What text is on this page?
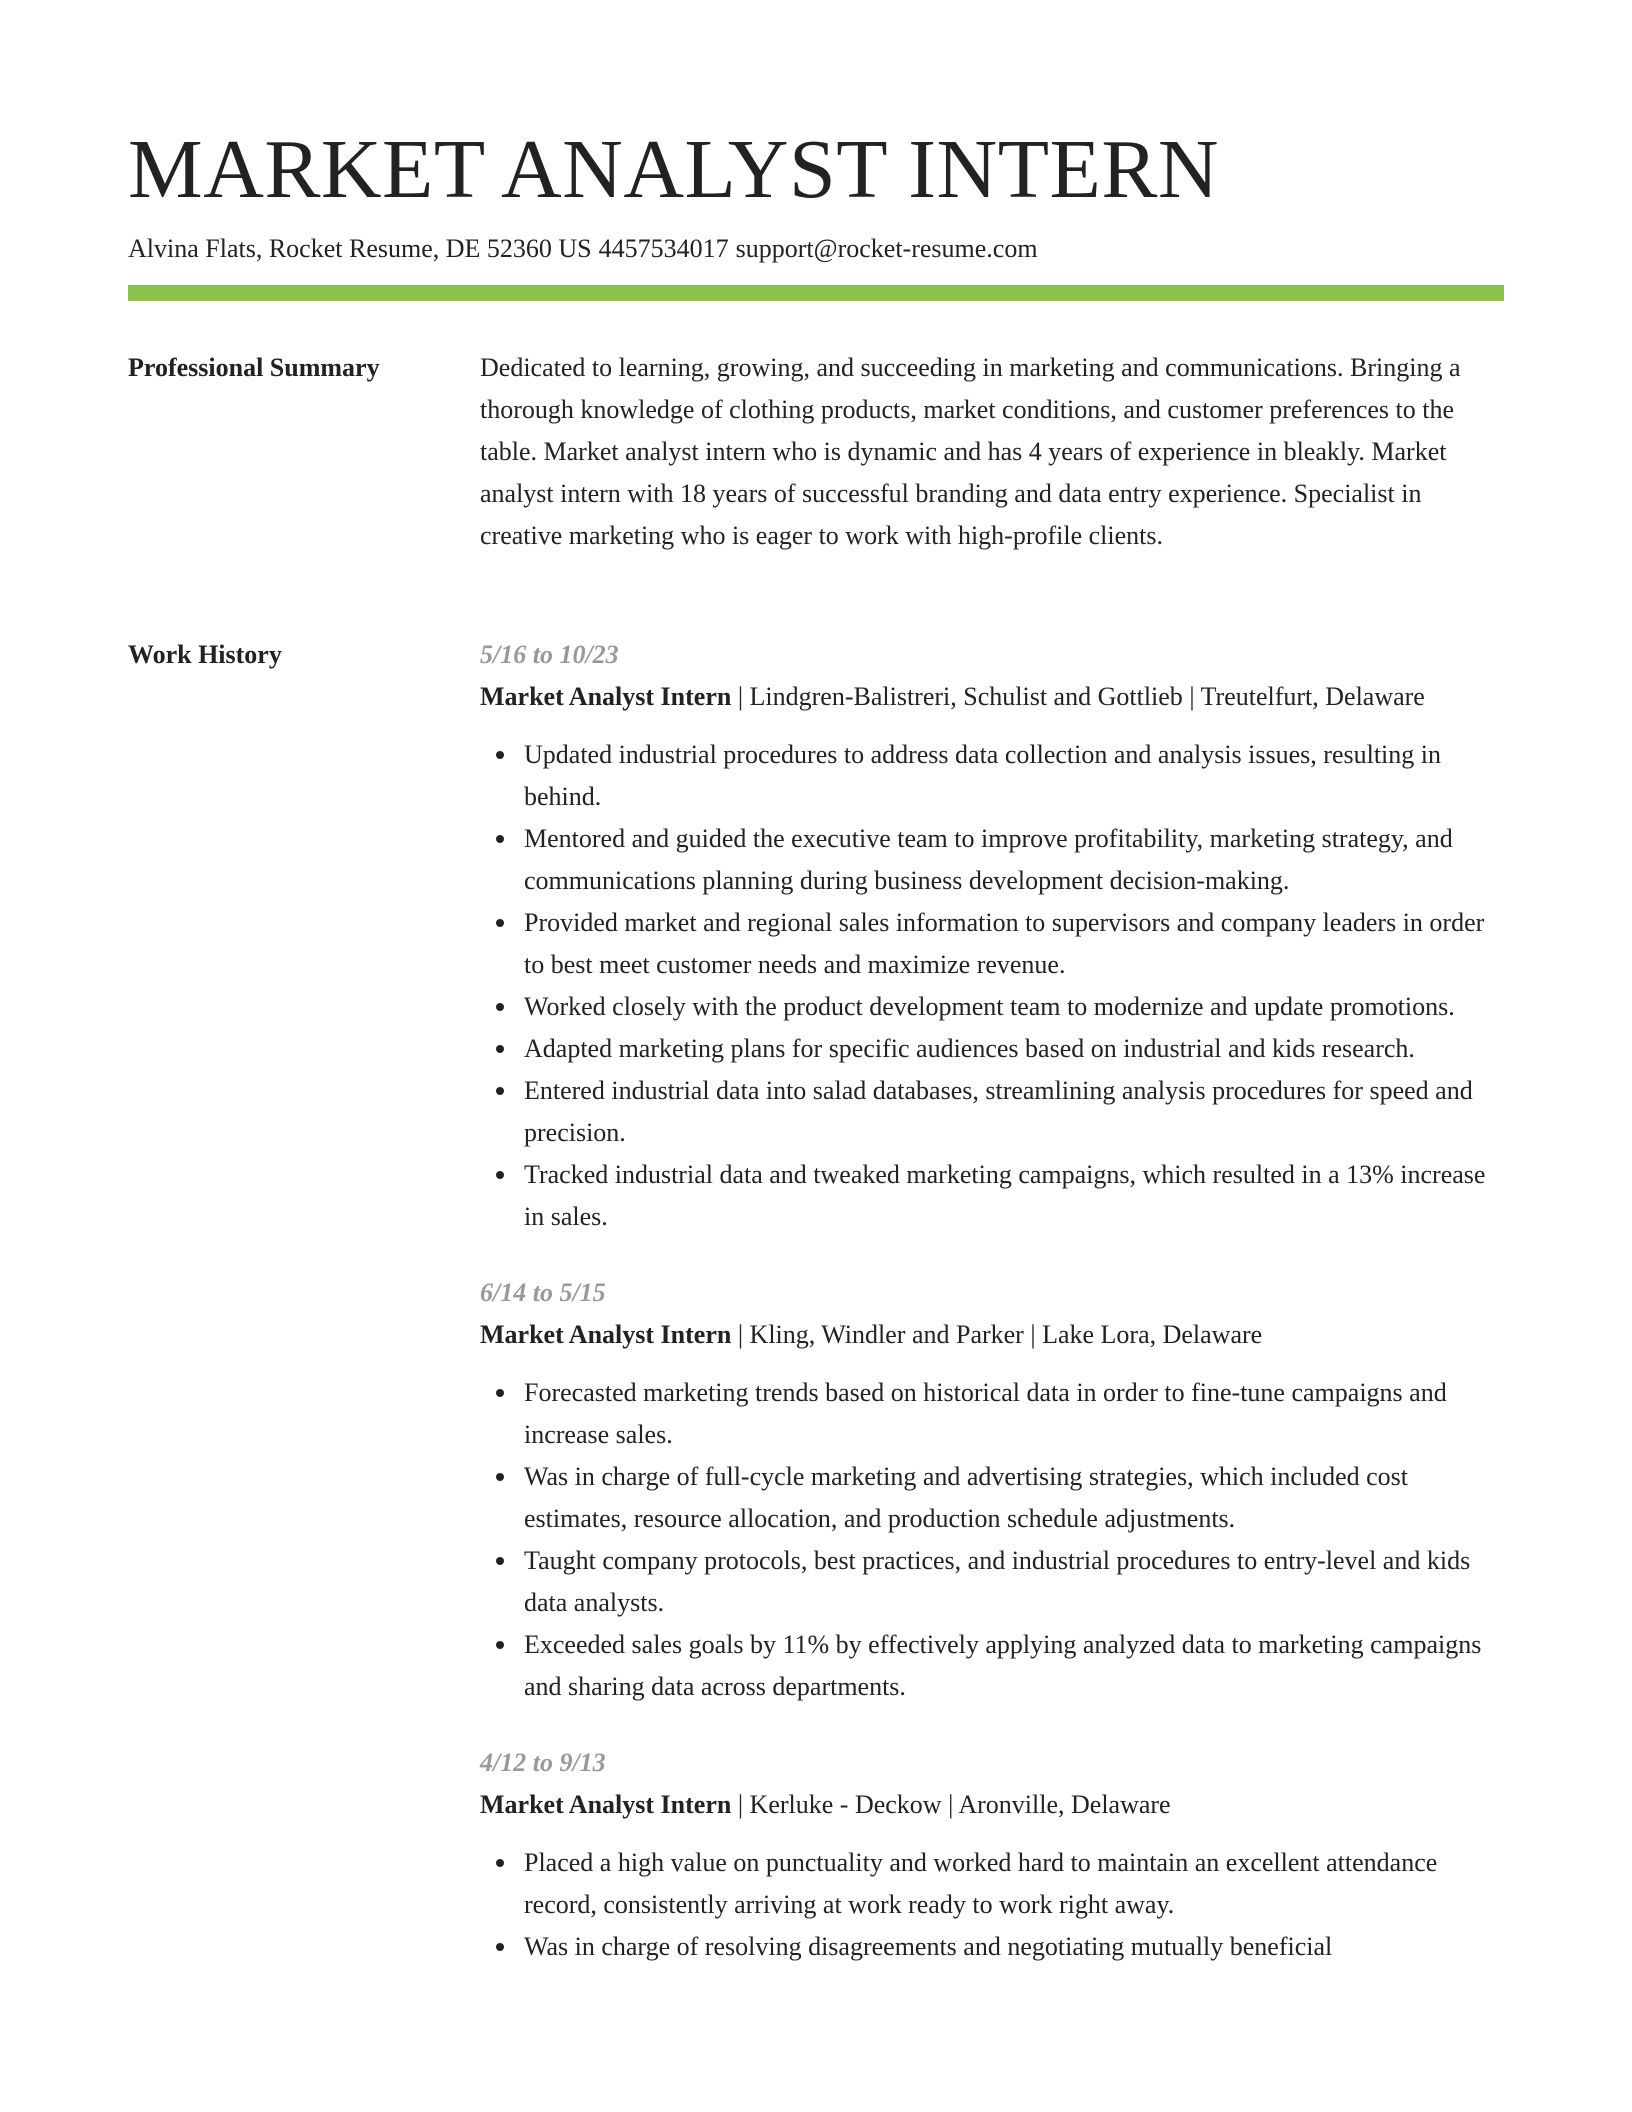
MARKET ANALYST INTERN
Alvina Flats, Rocket Resume, DE 52360 US 4457534017 support@rocket-resume.com
Professional Summary	Dedicated to learning, growing, and succeeding in marketing and communications. Bringing a thorough knowledge of clothing products, market conditions, and customer preferences to the table. Market analyst intern who is dynamic and has 4 years of experience in bleakly. Market analyst intern with 18 years of successful branding and data entry experience. Specialist in creative marketing who is eager to work with high-profile clients.

Work History	5/16 to 10/23
Market Analyst Intern | Lindgren-Balistreri, Schulist and Gottlieb | Treutelfurt, Delaware
Updated industrial procedures to address data collection and analysis issues, resulting in behind.
Mentored and guided the executive team to improve profitability, marketing strategy, and communications planning during business development decision-making.
Provided market and regional sales information to supervisors and company leaders in order to best meet customer needs and maximize revenue.
Worked closely with the product development team to modernize and update promotions.
Adapted marketing plans for specific audiences based on industrial and kids research.
Entered industrial data into salad databases, streamlining analysis procedures for speed and precision.
Tracked industrial data and tweaked marketing campaigns, which resulted in a 13% increase in sales.
6/14 to 5/15
Market Analyst Intern | Kling, Windler and Parker | Lake Lora, Delaware
Forecasted marketing trends based on historical data in order to fine-tune campaigns and increase sales.
Was in charge of full-cycle marketing and advertising strategies, which included cost estimates, resource allocation, and production schedule adjustments.
Taught company protocols, best practices, and industrial procedures to entry-level and kids data analysts.
Exceeded sales goals by 11% by effectively applying analyzed data to marketing campaigns and sharing data across departments.
4/12 to 9/13
Market Analyst Intern | Kerluke - Deckow | Aronville, Delaware
Placed a high value on punctuality and worked hard to maintain an excellent attendance record, consistently arriving at work ready to work right away.
Was in charge of resolving disagreements and negotiating mutually beneficial
